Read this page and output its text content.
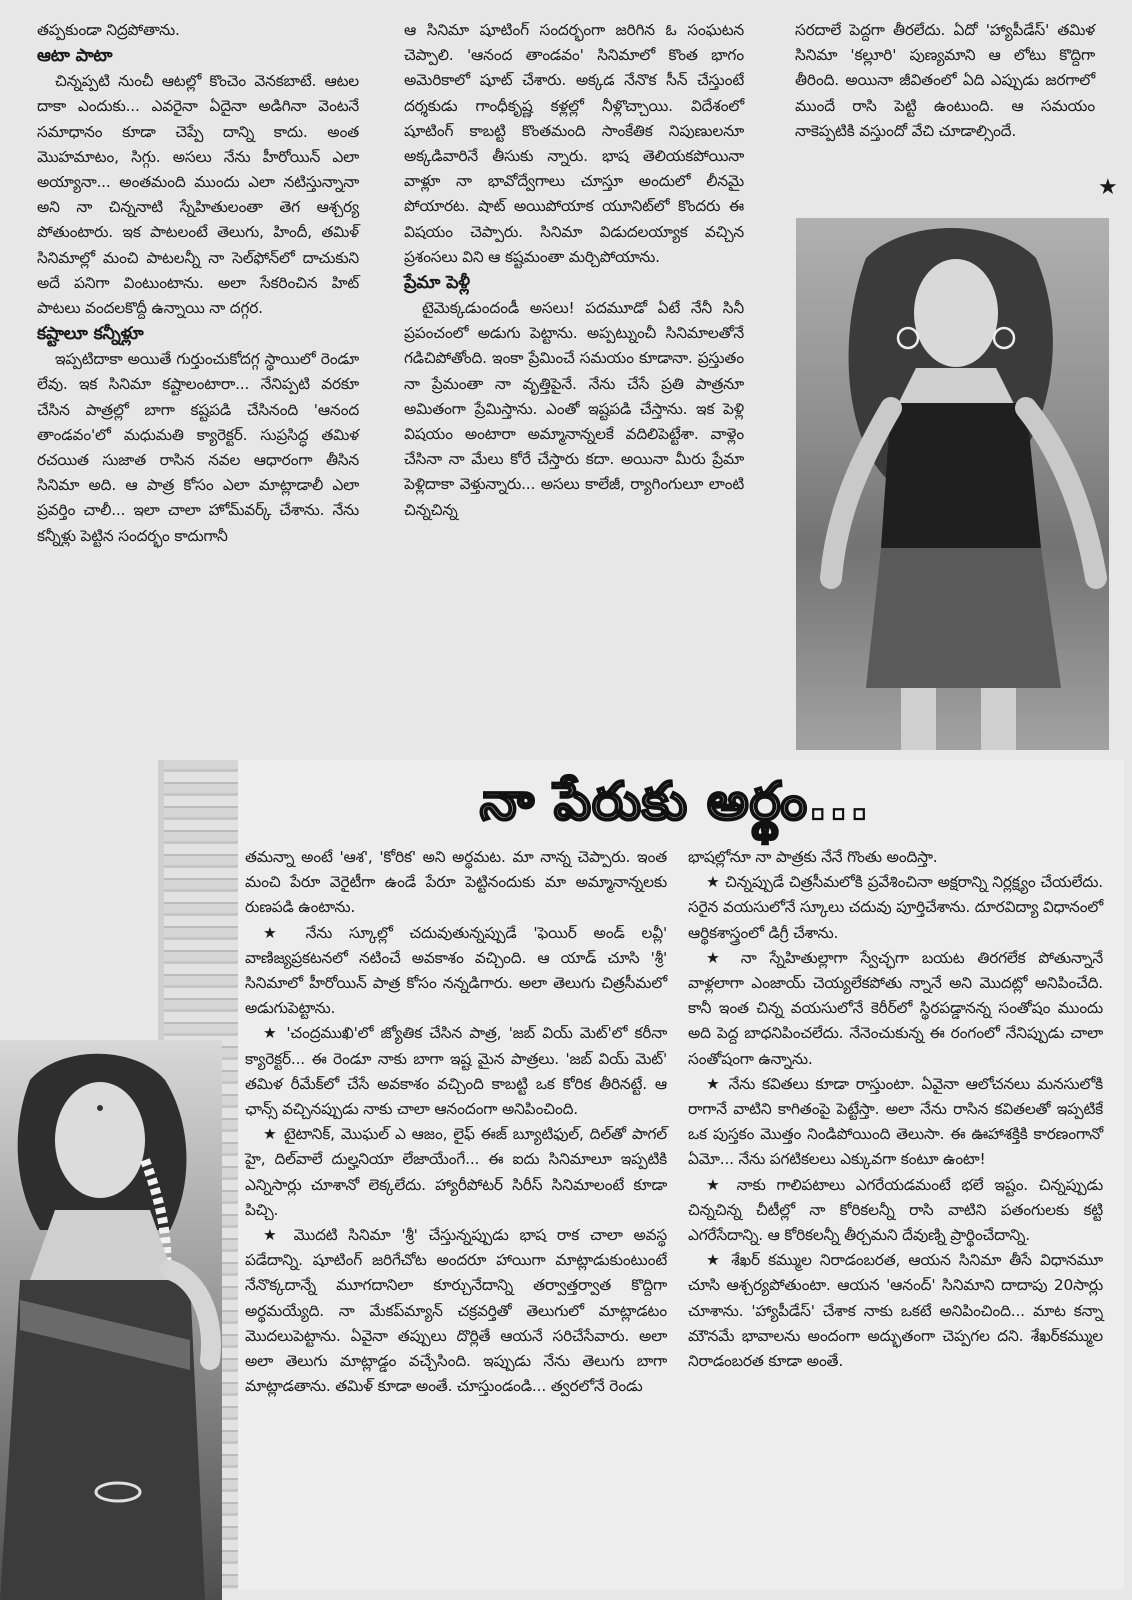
తప్పకుండా నిద్రపోతాను.

ఆటా పాటా

చిన్నప్పటి నుంచీ ఆటల్లో కొంచెం వెనకబాటే. ఆటల దాకా ఎందుకు... ఎవరైనా ఏదైనా అడిగినా వెంటనే సమాధానం కూడా చెప్పే దాన్ని కాదు. అంత మొహమాటం, సిగ్గు. అసలు నేను హీరోయిన్ ఎలా అయ్యానా... అంతమంది ముందు ఎలా నటిస్తున్నానా అని నా చిన్ననాటి స్నేహితులంతా తెగ ఆశ్చర్య పోతుంటారు. ఇక పాటలంటే తెలుగు, హిందీ, తమిళ్ సినిమాల్లో మంచి పాటలన్నీ నా సెల్‌ఫోన్‌లో దాచుకుని అదే పనిగా వింటుంటాను. అలా సేకరించిన హిట్ పాటలు వందలకొద్దీ ఉన్నాయి నా దగ్గర.

కష్టాలూ కన్నీళ్లూ

ఇప్పటిదాకా అయితే గుర్తుంచుకోదగ్గ స్థాయిలో రెండూ లేవు. ఇక సినిమా కష్టాలంటారా... నేనిప్పటి వరకూ చేసిన పాత్రల్లో బాగా కష్టపడి చేసినంది 'ఆనంద తాండవం'లో మధుమతి క్యారెక్టర్. సుప్రసిద్ధ తమిళ రచయిత సుజాత రాసిన నవల ఆధారంగా తీసిన సినిమా అది. ఆ పాత్ర కోసం ఎలా మాట్లాడాలీ ఎలా ప్రవర్తిం చాలీ... ఇలా చాలా హోమ్‌వర్క్ చేశాను. నేను కన్నీళ్లు పెట్టిన సందర్భం కాదుగానీ

ఆ సినిమా షూటింగ్ సందర్భంగా జరిగిన ఓ సంఘటన చెప్పాలి. 'ఆనంద తాండవం' సినిమాలో కొంత భాగం అమెరికాలో షూట్ చేశారు. అక్కడ నేనొక సీన్ చేస్తుంటే దర్శకుడు గాంధీకృష్ణ కళ్లల్లో నీళ్లొచ్చాయి. విదేశంలో షూటింగ్ కాబట్టి కొంతమంది సాంకేతిక నిపుణులనూ అక్కడివారినే తీసుకు న్నారు. భాష తెలియకపోయినా వాళ్లూ నా భావోద్వేగాలు చూస్తూ అందులో లీనమై పోయారట. షాట్ అయిపోయాక యూనిట్‌లో కొందరు ఈ విషయం చెప్పారు. సినిమా విడుదలయ్యాక వచ్చిన ప్రశంసలు విని ఆ కష్టమంతా మర్చిపోయాను.

ప్రేమా పెళ్లీ

టైమెక్కడుందండీ అసలు! పదమూడో ఏటే నేనీ సినీ ప్రపంచంలో అడుగు పెట్టాను. అప్పట్నుంచీ సినిమాలతోనే గడిచిపోతోంది. ఇంకా ప్రేమించే సమయం కూడానా. ప్రస్తుతం నా ప్రేమంతా నా వృత్తిపైనే. నేను చేసే ప్రతి పాత్రనూ అమితంగా ప్రేమిస్తాను. ఎంతో ఇష్టపడి చేస్తాను. ఇక పెళ్లి విషయం అంటారా అమ్మానాన్నలకే వదిలిపెట్టేశా. వాళ్లెం చేసినా నా మేలు కోరే చేస్తారు కదా. అయినా మీరు ప్రేమా పెళ్లిదాకా వెళ్తున్నారు... అసలు కాలేజీ, ర్యాగింగులూ లాంటి చిన్నచిన్న

సరదాలే పెద్దగా తీరలేదు. ఏదో 'హ్యాపీడేస్' తమిళ సినిమా 'కల్లూరి' పుణ్యమాని ఆ లోటు కొద్దిగా తీరింది. అయినా జీవితంలో ఏది ఎప్పుడు జరగాలో ముందే రాసి పెట్టి ఉంటుంది. ఆ సమయం నాకెప్పటికి వస్తుందో వేచి చూడాల్సిందే.

★
నా పేరుకు అర్థం...

తమన్నా అంటే 'ఆశ', 'కోరిక' అని అర్థమట. మా నాన్న చెప్పారు. ఇంత మంచి పేరూ వెరైటీగా ఉండే పేరూ పెట్టినందుకు మా అమ్మానాన్నలకు రుణపడి ఉంటాను.

★ నేను స్కూల్లో చదువుతున్నప్పుడే 'ఫెయిర్ అండ్ లవ్లీ' వాణిజ్యప్రకటనలో నటించే అవకాశం వచ్చింది. ఆ యాడ్ చూసి 'శ్రీ' సినిమాలో హీరోయిన్ పాత్ర కోసం నన్నడిగారు. అలా తెలుగు చిత్రసీమలో అడుగుపెట్టాను.

★ 'చంద్రముఖి'లో జ్యోతిక చేసిన పాత్ర, 'జబ్ వియ్ మెట్'లో కరీనా క్యారెక్టర్... ఈ రెండూ నాకు బాగా ఇష్ట మైన పాత్రలు. 'జబ్ వియ్ మెట్' తమిళ రీమేక్‌లో చేసే అవకాశం వచ్చింది కాబట్టి ఒక కోరిక తీరినట్టే. ఆ ఛాన్స్ వచ్చినప్పుడు నాకు చాలా ఆనందంగా అనిపించింది.

★ టైటానిక్, మొఘల్ ఎ ఆజం, లైఫ్ ఈజ్ బ్యూటిఫుల్, దిల్‌తో పాగల్ హై, దిల్‌వాలే దుల్హనియా లేజాయేంగే... ఈ ఐదు సినిమాలూ ఇప్పటికి ఎన్నిసార్లు చూశానో లెక్కలేదు. హ్యారీపోటర్ సిరీస్ సినిమాలంటే కూడా పిచ్చి.

★ మొదటి సినిమా 'శ్రీ' చేస్తున్నప్పుడు భాష రాక చాలా అవస్థ పడేదాన్ని. షూటింగ్ జరిగేచోట అందరూ హాయిగా మాట్లాడుకుంటుంటే నేనొక్కదాన్నే మూగదానిలా కూర్చునేదాన్ని తర్వాత్తర్వాత కొద్దిగా అర్థమయ్యేది. నా మేకప్‌మ్యాన్ చక్రవర్తితో తెలుగులో మాట్లాడటం మొదలుపెట్టాను. ఏవైనా తప్పులు దొర్లితే ఆయనే సరిచేసేవారు. అలా అలా తెలుగు మాట్లాడ్డం వచ్చేసింది. ఇప్పుడు నేను తెలుగు బాగా మాట్లాడతాను. తమిళ్ కూడా అంతే. చూస్తుండండి... త్వరలోనే రెండు

భాషల్లోనూ నా పాత్రకు నేనే గొంతు అందిస్తా.

★ చిన్నప్పుడే చిత్రసీమలోకి ప్రవేశించినా అక్షరాన్ని నిర్లక్ష్యం చేయలేదు. సరైన వయసులోనే స్కూలు చదువు పూర్తిచేశాను. దూరవిద్యా విధానంలో ఆర్థికశాస్త్రంలో డిగ్రీ చేశాను.

★ నా స్నేహితుల్లాగా స్వేచ్ఛగా బయట తిరగలేక పోతున్నానే వాళ్లలాగా ఎంజాయ్ చెయ్యలేకపోతు న్నానే అని మొదట్లో అనిపించేది. కానీ ఇంత చిన్న వయసులోనే కెరీర్‌లో స్థిరపడ్డానన్న సంతోషం ముందు అది పెద్ద బాధనిపించలేదు. నేనెంచుకున్న ఈ రంగంలో నేనిప్పుడు చాలా సంతోషంగా ఉన్నాను.

★ నేను కవితలు కూడా రాస్తుంటా. ఏవైనా ఆలోచనలు మనసులోకి రాగానే వాటిని కాగితంపై పెట్టేస్తా. అలా నేను రాసిన కవితలతో ఇప్పటికే ఒక పుస్తకం మొత్తం నిండిపోయింది తెలుసా. ఈ ఊహాశక్తికి కారణంగానో ఏమో... నేను పగటికలలు ఎక్కువగా కంటూ ఉంటా!

★ నాకు గాలిపటాలు ఎగరేయడమంటే భలే ఇష్టం. చిన్నప్పుడు చిన్నచిన్న చీటీల్లో నా కోరికలన్నీ రాసి వాటిని పతంగులకు కట్టి ఎగరేసేదాన్ని. ఆ కోరికలన్నీ తీర్చమని దేవుణ్ని ప్రార్థించేదాన్ని.

★ శేఖర్ కమ్ముల నిరాడంబరత, ఆయన సినిమా తీసే విధానమూ చూసి ఆశ్చర్యపోతుంటా. ఆయన 'ఆనంద్' సినిమాని దాదాపు 20సార్లు చూశాను. 'హ్యాపీడేస్' చేశాక నాకు ఒకటే అనిపించింది... మాట కన్నా మౌనమే భావాలను అందంగా అద్భుతంగా చెప్పగల దని. శేఖర్‌కమ్ముల నిరాడంబరత కూడా అంతే.
